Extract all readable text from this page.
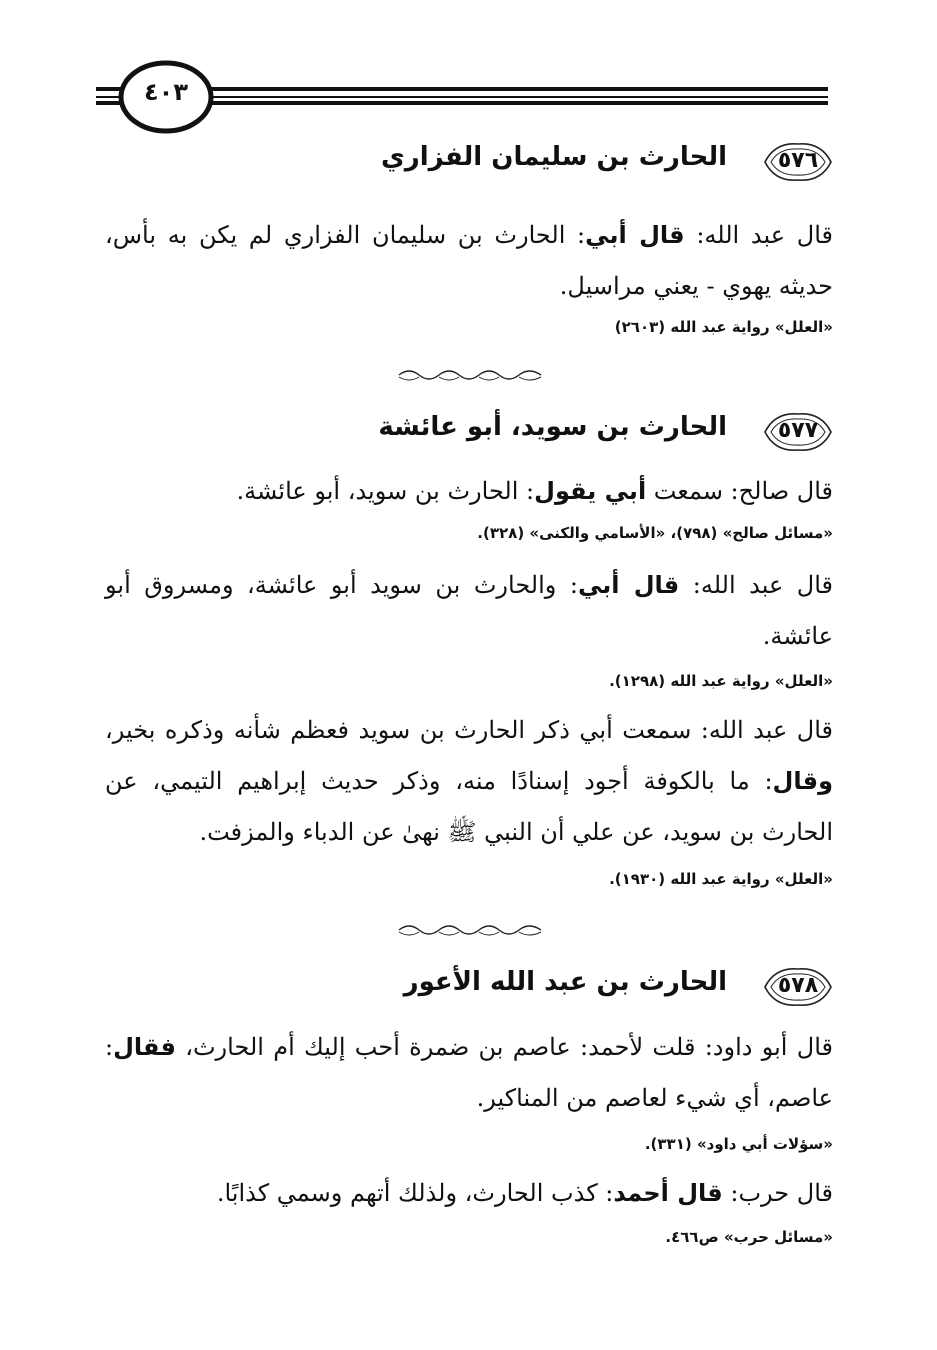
٤٠٣
٥٧٦
الحارث بن سليمان الفزاري
قال عبد الله: قال أبي: الحارث بن سليمان الفزاري لم يكن به بأس، حديثه يهوي - يعني مراسيل.
«العلل» رواية عبد الله (٢٦٠٣)
٥٧٧
الحارث بن سويد، أبو عائشة
قال صالح: سمعت أبي يقول: الحارث بن سويد، أبو عائشة.
«مسائل صالح» (٧٩٨)، «الأسامي والكنى» (٣٢٨).
قال عبد الله: قال أبي: والحارث بن سويد أبو عائشة، ومسروق أبو عائشة.
«العلل» رواية عبد الله (١٢٩٨).
قال عبد الله: سمعت أبي ذكر الحارث بن سويد فعظم شأنه وذكره بخير، وقال: ما بالكوفة أجود إسنادًا منه، وذكر حديث إبراهيم التيمي، عن الحارث بن سويد، عن علي أن النبي ﷺ نهىٰ عن الدباء والمزفت.
«العلل» رواية عبد الله (١٩٣٠).
٥٧٨
الحارث بن عبد الله الأعور
قال أبو داود: قلت لأحمد: عاصم بن ضمرة أحب إليك أم الحارث، فقال: عاصم، أي شيء لعاصم من المناكير.
«سؤلات أبي داود» (٣٣١).
قال حرب: قال أحمد: كذب الحارث، ولذلك أتهم وسمي كذابًا.
«مسائل حرب» ص٤٦٦.
